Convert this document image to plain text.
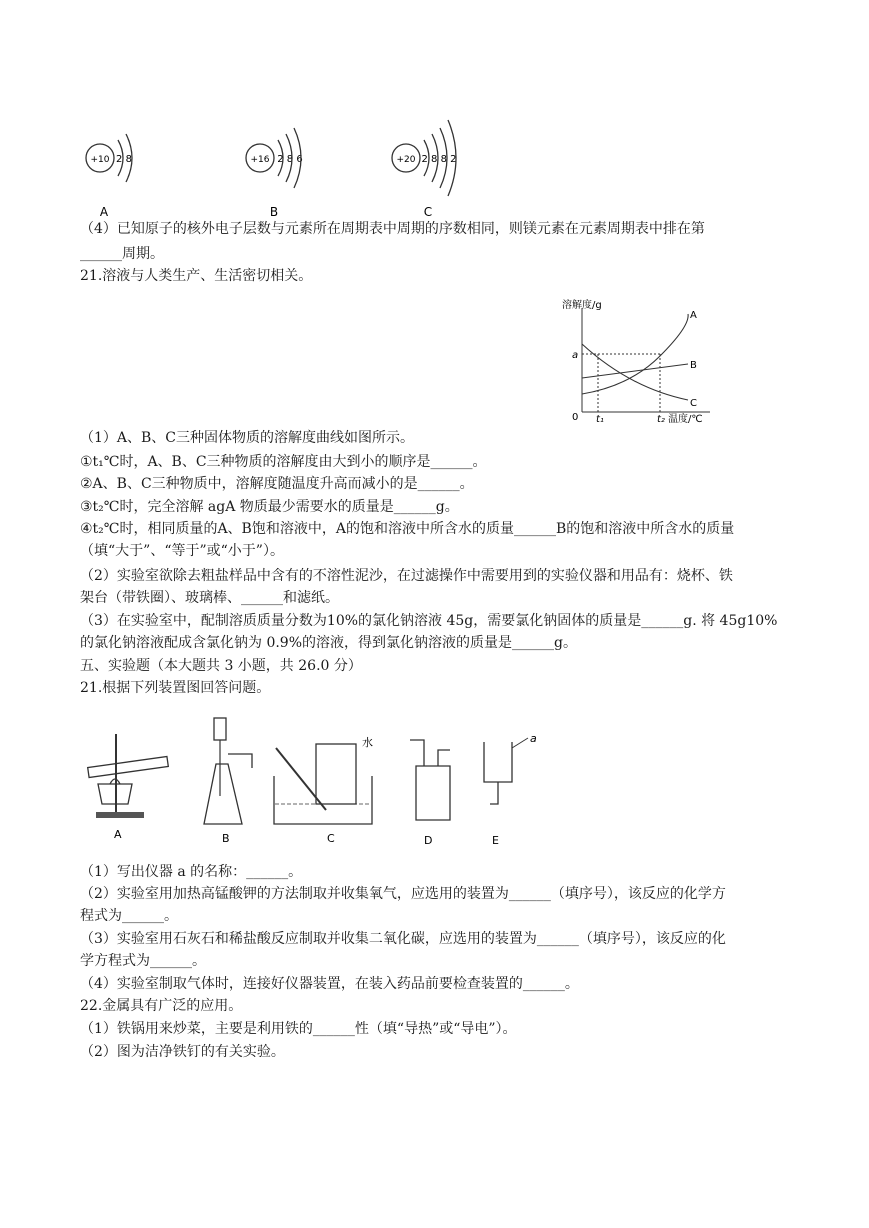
+10 2 8
A
+16 2 8 6
B
+20 2 8 8 2
C
（4）已知原子的核外电子层数与元素所在周期表中周期的序数相同，则镁元素在元素周期表中排在第
______周期。
21.溶液与人类生产、生活密切相关。
溶解度/g
0
a
A
B
C
t₁	t₂ 温度/℃
（1）A、B、C三种固体物质的溶解度曲线如图所示。
①t₁℃时，A、B、C三种物质的溶解度由大到小的顺序是______。
②A、B、C三种物质中，溶解度随温度升高而减小的是______。
③t₂℃时，完全溶解 agA 物质最少需要水的质量是______g。
④t₂℃时，相同质量的A、B饱和溶液中，A的饱和溶液中所含水的质量______B的饱和溶液中所含水的质量
（填“大于”、“等于”或“小于”）。
（2）实验室欲除去粗盐样品中含有的不溶性泥沙，在过滤操作中需要用到的实验仪器和用品有：烧杯、铁
架台（带铁圈）、玻璃棒、______和滤纸。
（3）在实验室中，配制溶质质量分数为10%的氯化钠溶液 45g，需要氯化钠固体的质量是______g. 将 45g10%
的氯化钠溶液配成含氯化钠为 0.9%的溶液，得到氯化钠溶液的质量是______g。
五、实验题（本大题共 3 小题，共 26.0 分）
21.根据下列装置图回答问题。
A	B
水
C	D
a
E
（1）写出仪器 a 的名称：______。
（2）实验室用加热高锰酸钾的方法制取并收集氧气，应选用的装置为______（填序号），该反应的化学方
程式为______。
（3）实验室用石灰石和稀盐酸反应制取并收集二氧化碳，应选用的装置为______（填序号），该反应的化
学方程式为______。
（4）实验室制取气体时，连接好仪器装置，在装入药品前要检查装置的______。
22.金属具有广泛的应用。
（1）铁锅用来炒菜，主要是利用铁的______性（填“导热”或“导电”）。
（2）图为洁净铁钉的有关实验。
